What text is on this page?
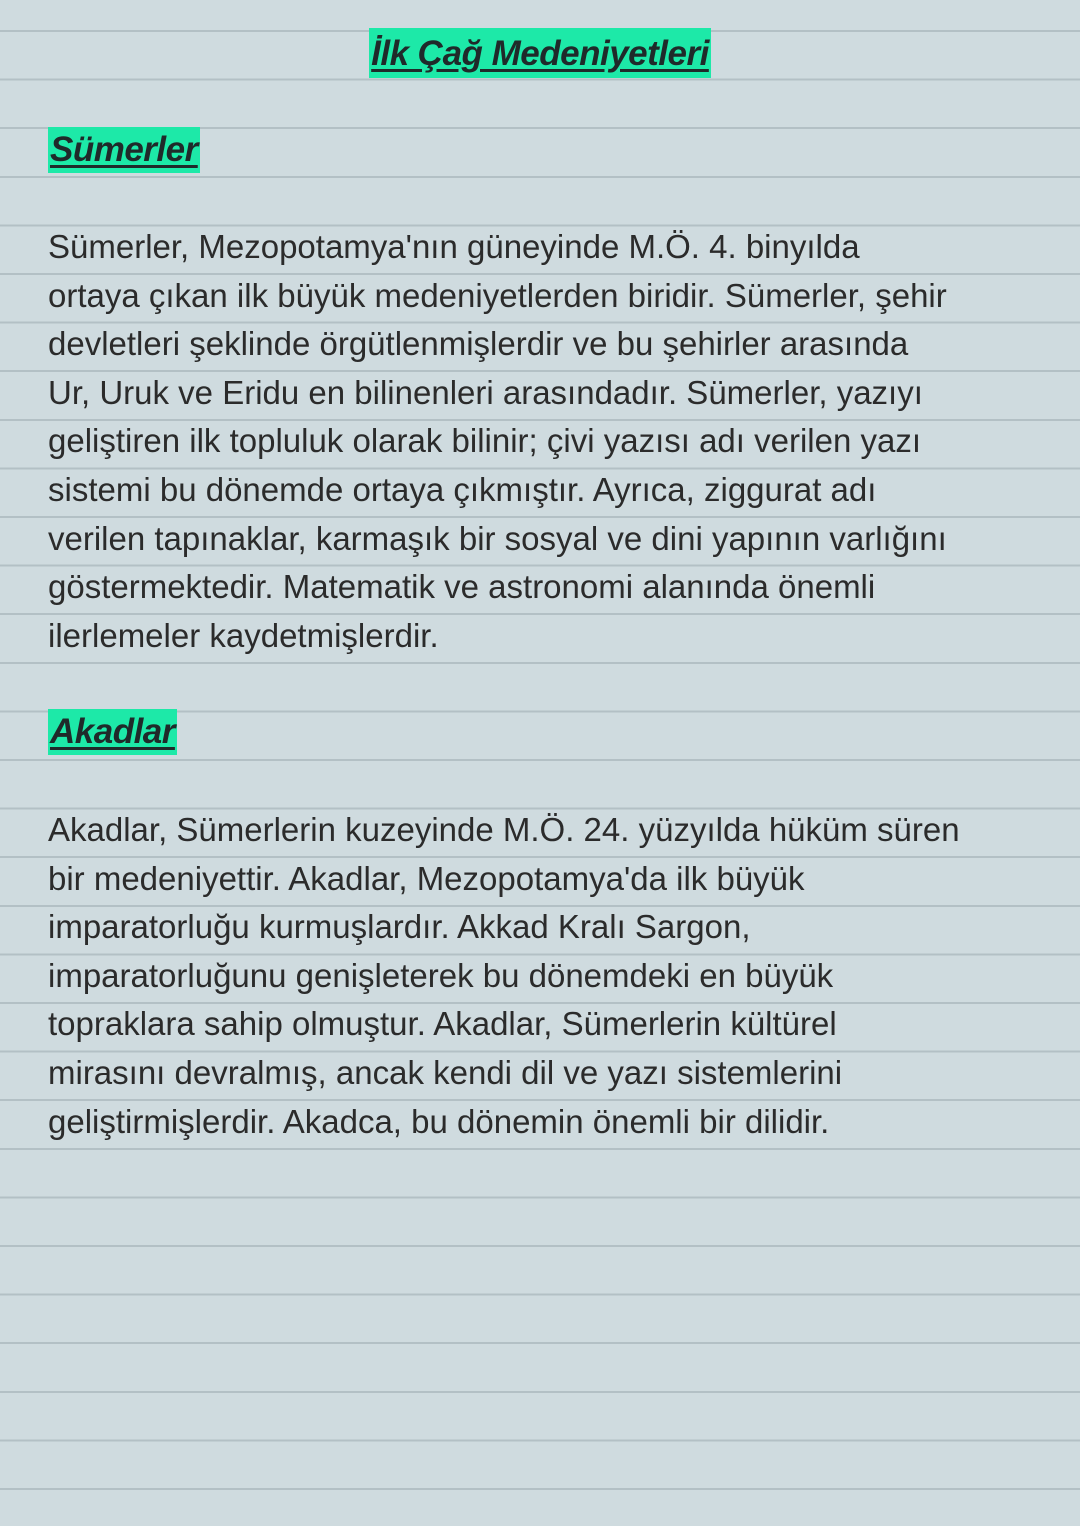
İlk Çağ Medeniyetleri
Sümerler
Sümerler, Mezopotamya'nın güneyinde M.Ö. 4. binyılda
ortaya çıkan ilk büyük medeniyetlerden biridir. Sümerler, şehir
devletleri şeklinde örgütlenmişlerdir ve bu şehirler arasında
Ur, Uruk ve Eridu en bilinenleri arasındadır. Sümerler, yazıyı
geliştiren ilk topluluk olarak bilinir; çivi yazısı adı verilen yazı
sistemi bu dönemde ortaya çıkmıştır. Ayrıca, ziggurat adı
verilen tapınaklar, karmaşık bir sosyal ve dini yapının varlığını
göstermektedir. Matematik ve astronomi alanında önemli
ilerlemeler kaydetmişlerdir.
Akadlar
Akadlar, Sümerlerin kuzeyinde M.Ö. 24. yüzyılda hüküm süren
bir medeniyettir. Akadlar, Mezopotamya'da ilk büyük
imparatorluğu kurmuşlardır. Akkad Kralı Sargon,
imparatorluğunu genişleterek bu dönemdeki en büyük
topraklara sahip olmuştur. Akadlar, Sümerlerin kültürel
mirasını devralmış, ancak kendi dil ve yazı sistemlerini
geliştirmişlerdir. Akadca, bu dönemin önemli bir dilidir.
